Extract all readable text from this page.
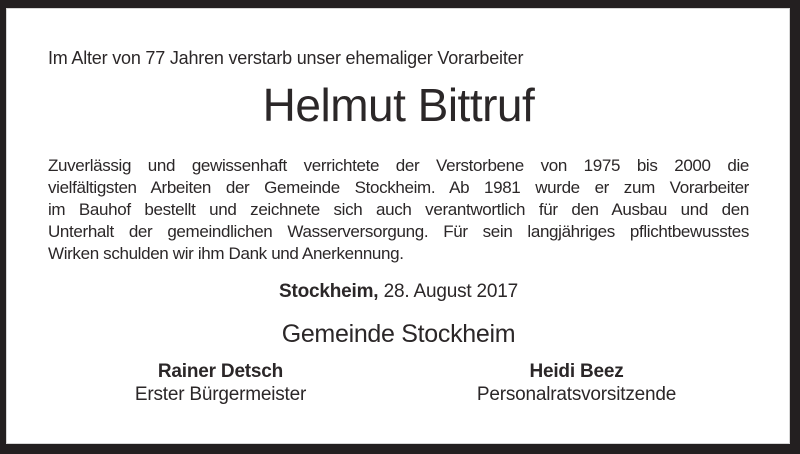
Im Alter von 77 Jahren verstarb unser ehemaliger Vorarbeiter

Helmut Bittruf
Zuverlässig und gewissenhaft verrichtete der Verstorbene von 1975 bis 2000 die
vielfältigsten Arbeiten der Gemeinde Stockheim. Ab 1981 wurde er zum Vorarbeiter
im Bauhof bestellt und zeichnete sich auch verantwortlich für den Ausbau und den
Unterhalt der gemeindlichen Wasserversorgung. Für sein langjähriges pflichtbewusstes
Wirken schulden wir ihm Dank und Anerkennung.

Stockheim, 28. August 2017

Gemeinde Stockheim

Rainer Detsch
Erster Bürgermeister
Heidi Beez
Personalratsvorsitzende
